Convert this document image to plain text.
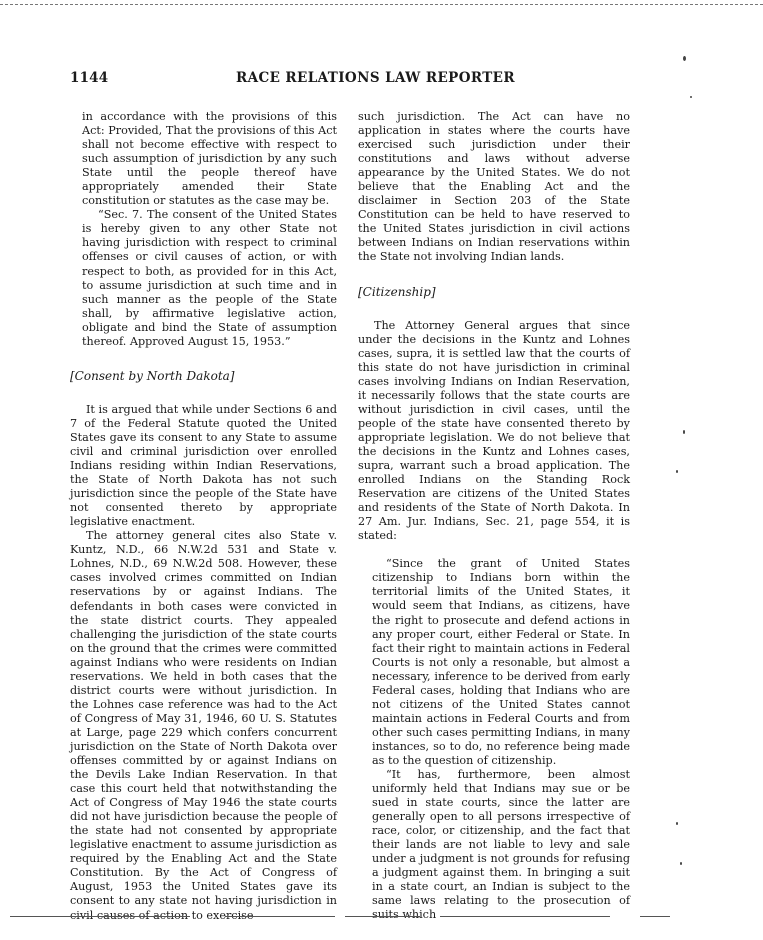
1144	RACE RELATIONS LAW REPORTER

in accordance with the provisions of this Act: Provided, That the provisions of this Act shall not become effective with respect to such assumption of jurisdiction by any such State until the people thereof have appropriately amended their State constitution or statutes as the case may be.

“Sec. 7. The consent of the United States is hereby given to any other State not having jurisdiction with respect to criminal offenses or civil causes of action, or with respect to both, as provided for in this Act, to assume jurisdiction at such time and in such manner as the people of the State shall, by affirmative legislative action, obligate and bind the State of assumption thereof. Approved August 15, 1953.”

[Consent by North Dakota]

It is argued that while under Sections 6 and 7 of the Federal Statute quoted the United States gave its consent to any State to assume civil and criminal jurisdiction over enrolled Indians residing within Indian Reservations, the State of North Dakota has not such jurisdiction since the people of the State have not consented thereto by appropriate legislative enactment.

The attorney general cites also State v. Kuntz, N.D., 66 N.W.2d 531 and State v. Lohnes, N.D., 69 N.W.2d 508. However, these cases involved crimes committed on Indian reservations by or against Indians. The defendants in both cases were convicted in the state district courts. They appealed challenging the jurisdiction of the state courts on the ground that the crimes were committed against Indians who were residents on Indian reservations. We held in both cases that the district courts were without jurisdiction. In the Lohnes case reference was had to the Act of Congress of May 31, 1946, 60 U. S. Statutes at Large, page 229 which confers concurrent jurisdiction on the State of North Dakota over offenses committed by or against Indians on the Devils Lake Indian Reservation. In that case this court held that notwithstanding the Act of Congress of May 1946 the state courts did not have jurisdiction because the people of the state had not consented by appropriate legislative enactment to assume jurisdiction as required by the Enabling Act and the State Constitution. By the Act of Congress of August, 1953 the United States gave its consent to any state not having jurisdiction in civil causes of action to exercise

such jurisdiction. The Act can have no application in states where the courts have exercised such jurisdiction under their constitutions and laws without adverse appearance by the United States. We do not believe that the Enabling Act and the disclaimer in Section 203 of the State Constitution can be held to have reserved to the United States jurisdiction in civil actions between Indians on Indian reservations within the State not involving Indian lands.

[Citizenship]

The Attorney General argues that since under the decisions in the Kuntz and Lohnes cases, supra, it is settled law that the courts of this state do not have jurisdiction in criminal cases involving Indians on Indian Reservation, it necessarily follows that the state courts are without jurisdiction in civil cases, until the people of the state have consented thereto by appropriate legislation. We do not believe that the decisions in the Kuntz and Lohnes cases, supra, warrant such a broad application. The enrolled Indians on the Standing Rock Reservation are citizens of the United States and residents of the State of North Dakota. In 27 Am. Jur. Indians, Sec. 21, page 554, it is stated:

“Since the grant of United States citizenship to Indians born within the territorial limits of the United States, it would seem that Indians, as citizens, have the right to prosecute and defend actions in any proper court, either Federal or State. In fact their right to maintain actions in Federal Courts is not only a resonable, but almost a necessary, inference to be derived from early Federal cases, holding that Indians who are not citizens of the United States cannot maintain actions in Federal Courts and from other such cases permitting Indians, in many instances, so to do, no reference being made as to the question of citizenship.

“It has, furthermore, been almost uniformly held that Indians may sue or be sued in state courts, since the latter are generally open to all persons irrespective of race, color, or citizenship, and the fact that their lands are not liable to levy and sale under a judgment is not grounds for refusing a judgment against them. In bringing a suit in a state court, an Indian is subject to the same laws relating to the prosecution of suits which
